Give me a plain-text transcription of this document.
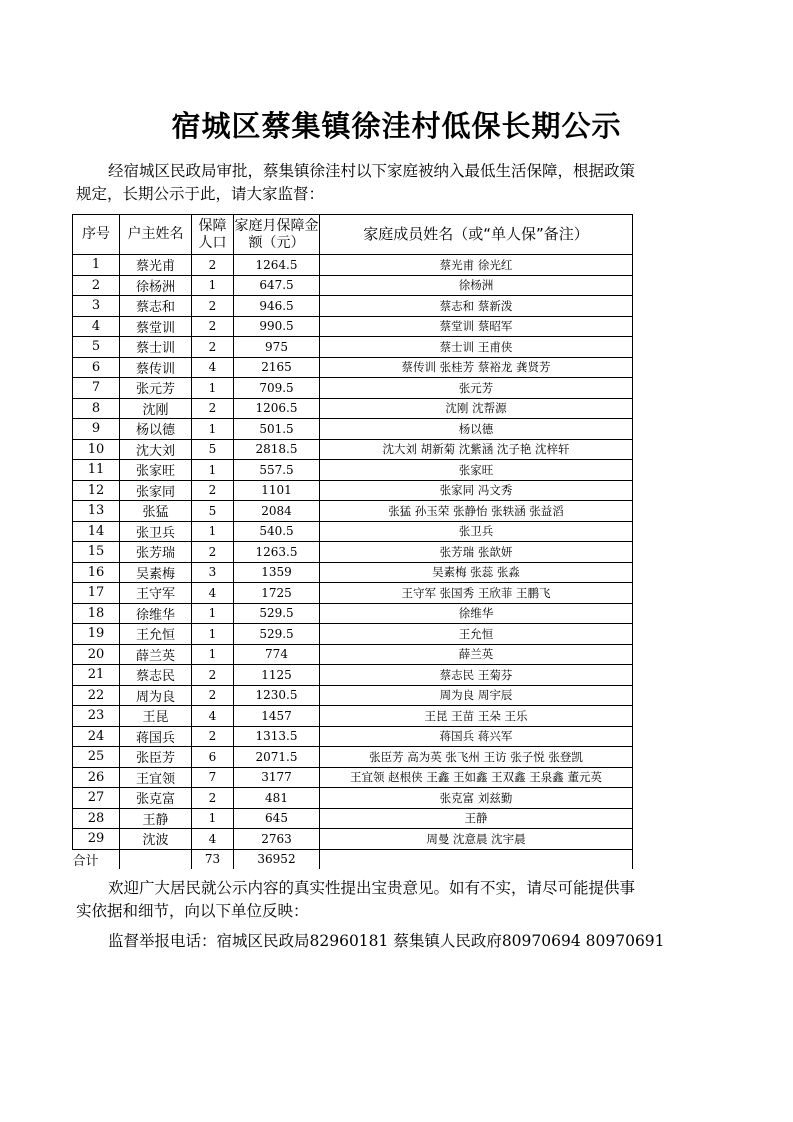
宿城区蔡集镇徐洼村低保长期公示
经宿城区民政局审批，蔡集镇徐洼村以下家庭被纳入最低生活保障，根据政策规定，长期公示于此，请大家监督：
序号	户主姓名	保障人口	家庭月保障金额（元）	家庭成员姓名（或“单人保”备注）
1	蔡光甫	2	1264.5	蔡光甫 徐光红
2	徐杨洲	1	647.5	徐杨洲
3	蔡志和	2	946.5	蔡志和 蔡新泼
4	蔡堂训	2	990.5	蔡堂训 蔡昭军
5	蔡士训	2	975	蔡士训 王甫侠
6	蔡传训	4	2165	蔡传训 张桂芳 蔡裕龙 龚贤芳
7	张元芳	1	709.5	张元芳
8	沈刚	2	1206.5	沈刚 沈帮源
9	杨以德	1	501.5	杨以德
10	沈大刘	5	2818.5	沈大刘 胡新菊 沈紫涵 沈子艳 沈梓轩
11	张家旺	1	557.5	张家旺
12	张家同	2	1101	张家同 冯文秀
13	张猛	5	2084	张猛 孙玉荣 张静怡 张轶涵 张益滔
14	张卫兵	1	540.5	张卫兵
15	张芳瑞	2	1263.5	张芳瑞 张歆妍
16	吴素梅	3	1359	吴素梅 张蕊 张淼
17	王守军	4	1725	王守军 张国秀 王欣菲 王鹏飞
18	徐维华	1	529.5	徐维华
19	王允恒	1	529.5	王允恒
20	薛兰英	1	774	薛兰英
21	蔡志民	2	1125	蔡志民 王菊芬
22	周为良	2	1230.5	周为良 周宇辰
23	王昆	4	1457	王昆 王苗 王朵 王乐
24	蒋国兵	2	1313.5	蒋国兵 蒋兴军
25	张臣芳	6	2071.5	张臣芳 高为英 张飞州 王访 张子悦 张登凯
26	王宜领	7	3177	王宜领 赵根侠 王鑫 王如鑫 王双鑫 王泉鑫 董元英
27	张克富	2	481	张克富 刘兹勤
28	王静	1	645	王静
29	沈波	4	2763	周曼 沈意晨 沈宇晨
合计		73	36952	
欢迎广大居民就公示内容的真实性提出宝贵意见。如有不实，请尽可能提供事实依据和细节，向以下单位反映：
监督举报电话：宿城区民政局82960181 蔡集镇人民政府80970694 80970691
